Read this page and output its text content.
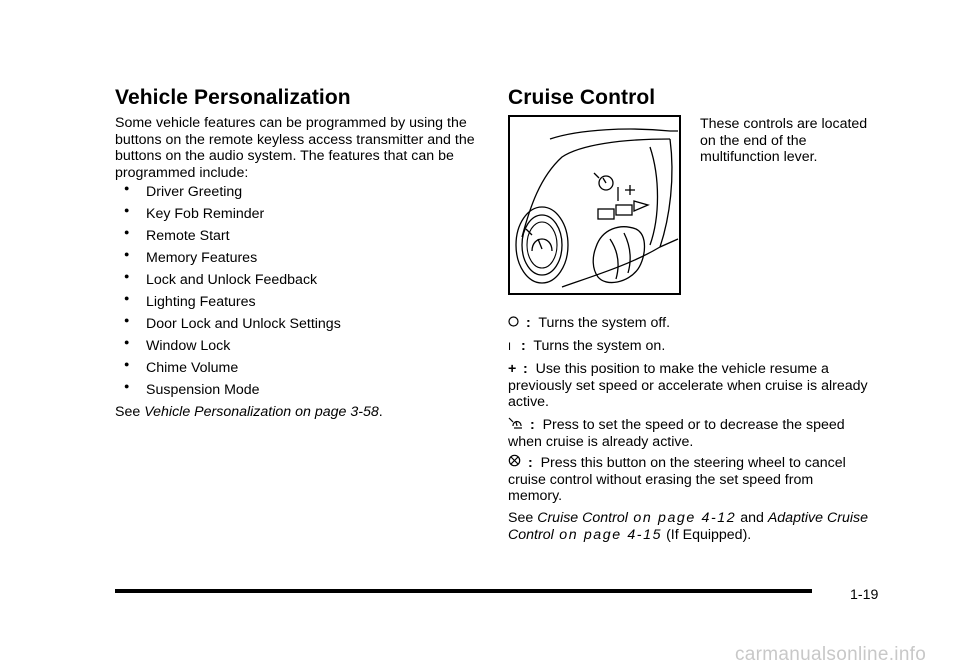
Vehicle Personalization
Some vehicle features can be programmed by using the buttons on the remote keyless access transmitter and the buttons on the audio system. The features that can be programmed include:
● Driver Greeting
● Key Fob Reminder
● Remote Start
● Memory Features
● Lock and Unlock Feedback
● Lighting Features
● Door Lock and Unlock Settings
● Window Lock
● Chime Volume
● Suspension Mode
See Vehicle Personalization on page 3-58.
Cruise Control
These controls are located on the end of the multifunction lever.
: Turns the system off.
I : Turns the system on.
+ : Use this position to make the vehicle resume a previously set speed or accelerate when cruise is already active.
: Press to set the speed or to decrease the speed when cruise is already active.
: Press this button on the steering wheel to cancel cruise control without erasing the set speed from memory.
See Cruise Control on page 4-12 and Adaptive Cruise Control on page 4-15 (If Equipped).
1-19
carmanualsonline.info
